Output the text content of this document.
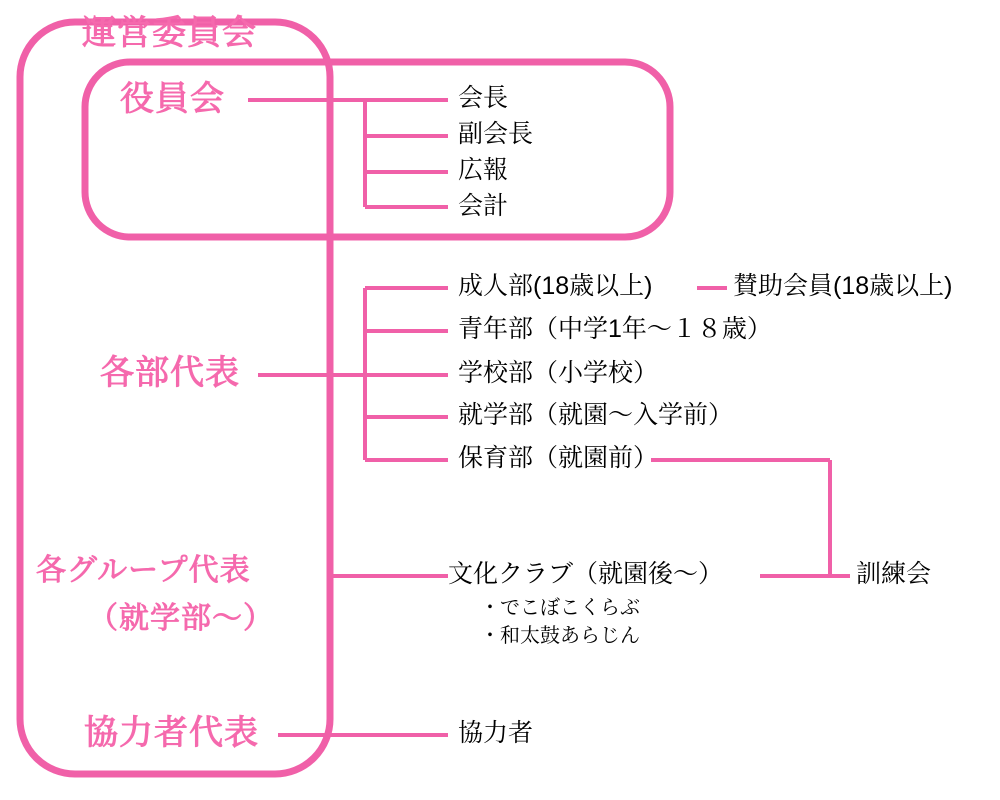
運営委員会
役員会
各部代表
各グループ代表
（就学部〜）
協力者代表
会長
副会長
広報
会計
成人部(18歳以上)
青年部（中学1年〜１８歳）
学校部（小学校）
就学部（就園〜入学前）
保育部（就園前）
賛助会員(18歳以上)
訓練会
文化クラブ（就園後〜）
・でこぼこくらぶ
・和太鼓あらじん
協力者
